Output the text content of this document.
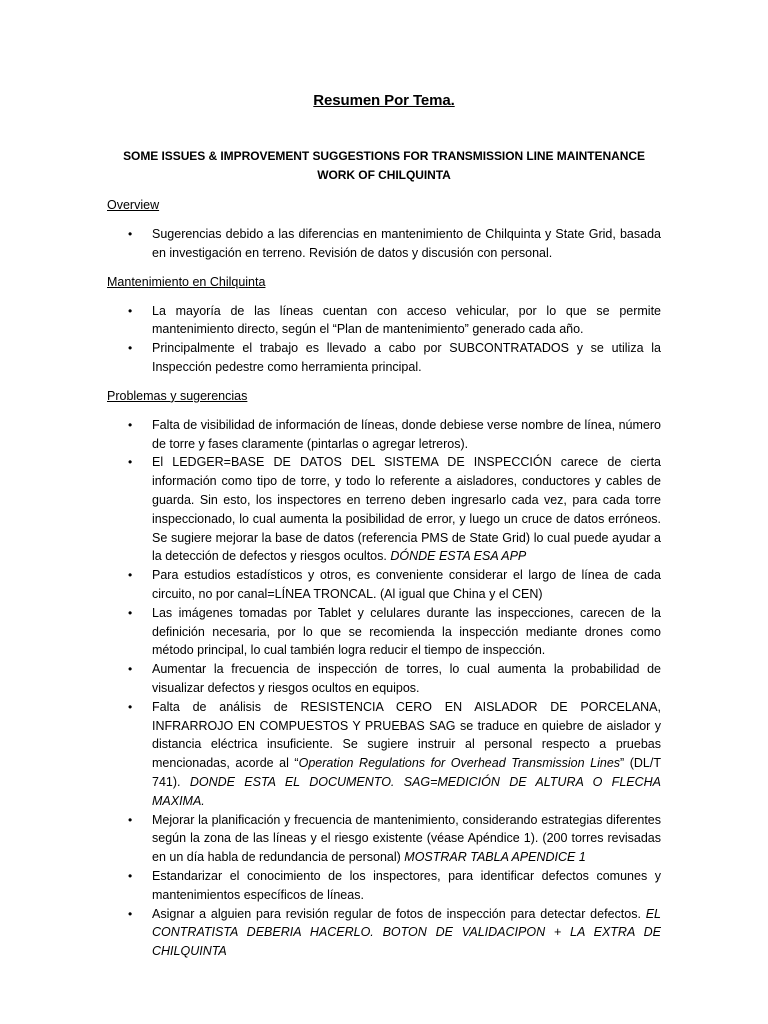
Resumen Por Tema.
SOME ISSUES & IMPROVEMENT SUGGESTIONS FOR TRANSMISSION LINE MAINTENANCE WORK OF CHILQUINTA
Overview
• Sugerencias debido a las diferencias en mantenimiento de Chilquinta y State Grid, basada en investigación en terreno. Revisión de datos y discusión con personal.
Mantenimiento en Chilquinta
• La mayoría de las líneas cuentan con acceso vehicular, por lo que se permite mantenimiento directo, según el “Plan de mantenimiento” generado cada año.
• Principalmente el trabajo es llevado a cabo por SUBCONTRATADOS y se utiliza la Inspección pedestre como herramienta principal.
Problemas y sugerencias
• Falta de visibilidad de información de líneas, donde debiese verse nombre de línea, número de torre y fases claramente (pintarlas o agregar letreros).
• El LEDGER=BASE DE DATOS DEL SISTEMA DE INSPECCIÓN carece de cierta información como tipo de torre, y todo lo referente a aisladores, conductores y cables de guarda. Sin esto, los inspectores en terreno deben ingresarlo cada vez, para cada torre inspeccionado, lo cual aumenta la posibilidad de error, y luego un cruce de datos erróneos. Se sugiere mejorar la base de datos (referencia PMS de State Grid) lo cual puede ayudar a la detección de defectos y riesgos ocultos. DÓNDE ESTA ESA APP
• Para estudios estadísticos y otros, es conveniente considerar el largo de línea de cada circuito, no por canal=LÍNEA TRONCAL. (Al igual que China y el CEN)
• Las imágenes tomadas por Tablet y celulares durante las inspecciones, carecen de la definición necesaria, por lo que se recomienda la inspección mediante drones como método principal, lo cual también logra reducir el tiempo de inspección.
• Aumentar la frecuencia de inspección de torres, lo cual aumenta la probabilidad de visualizar defectos y riesgos ocultos en equipos.
• Falta de análisis de RESISTENCIA CERO EN AISLADOR DE PORCELANA, INFRARROJO EN COMPUESTOS Y PRUEBAS SAG se traduce en quiebre de aislador y distancia eléctrica insuficiente. Se sugiere instruir al personal respecto a pruebas mencionadas, acorde al “Operation Regulations for Overhead Transmission Lines” (DL/T 741). DONDE ESTA EL DOCUMENTO. SAG=MEDICIÓN DE ALTURA O FLECHA MAXIMA.
• Mejorar la planificación y frecuencia de mantenimiento, considerando estrategias diferentes según la zona de las líneas y el riesgo existente (véase Apéndice 1). (200 torres revisadas en un día habla de redundancia de personal) MOSTRAR TABLA APENDICE 1
• Estandarizar el conocimiento de los inspectores, para identificar defectos comunes y mantenimientos específicos de líneas.
• Asignar a alguien para revisión regular de fotos de inspección para detectar defectos. EL CONTRATISTA DEBERIA HACERLO. BOTON DE VALIDACIPON + LA EXTRA DE CHILQUINTA
